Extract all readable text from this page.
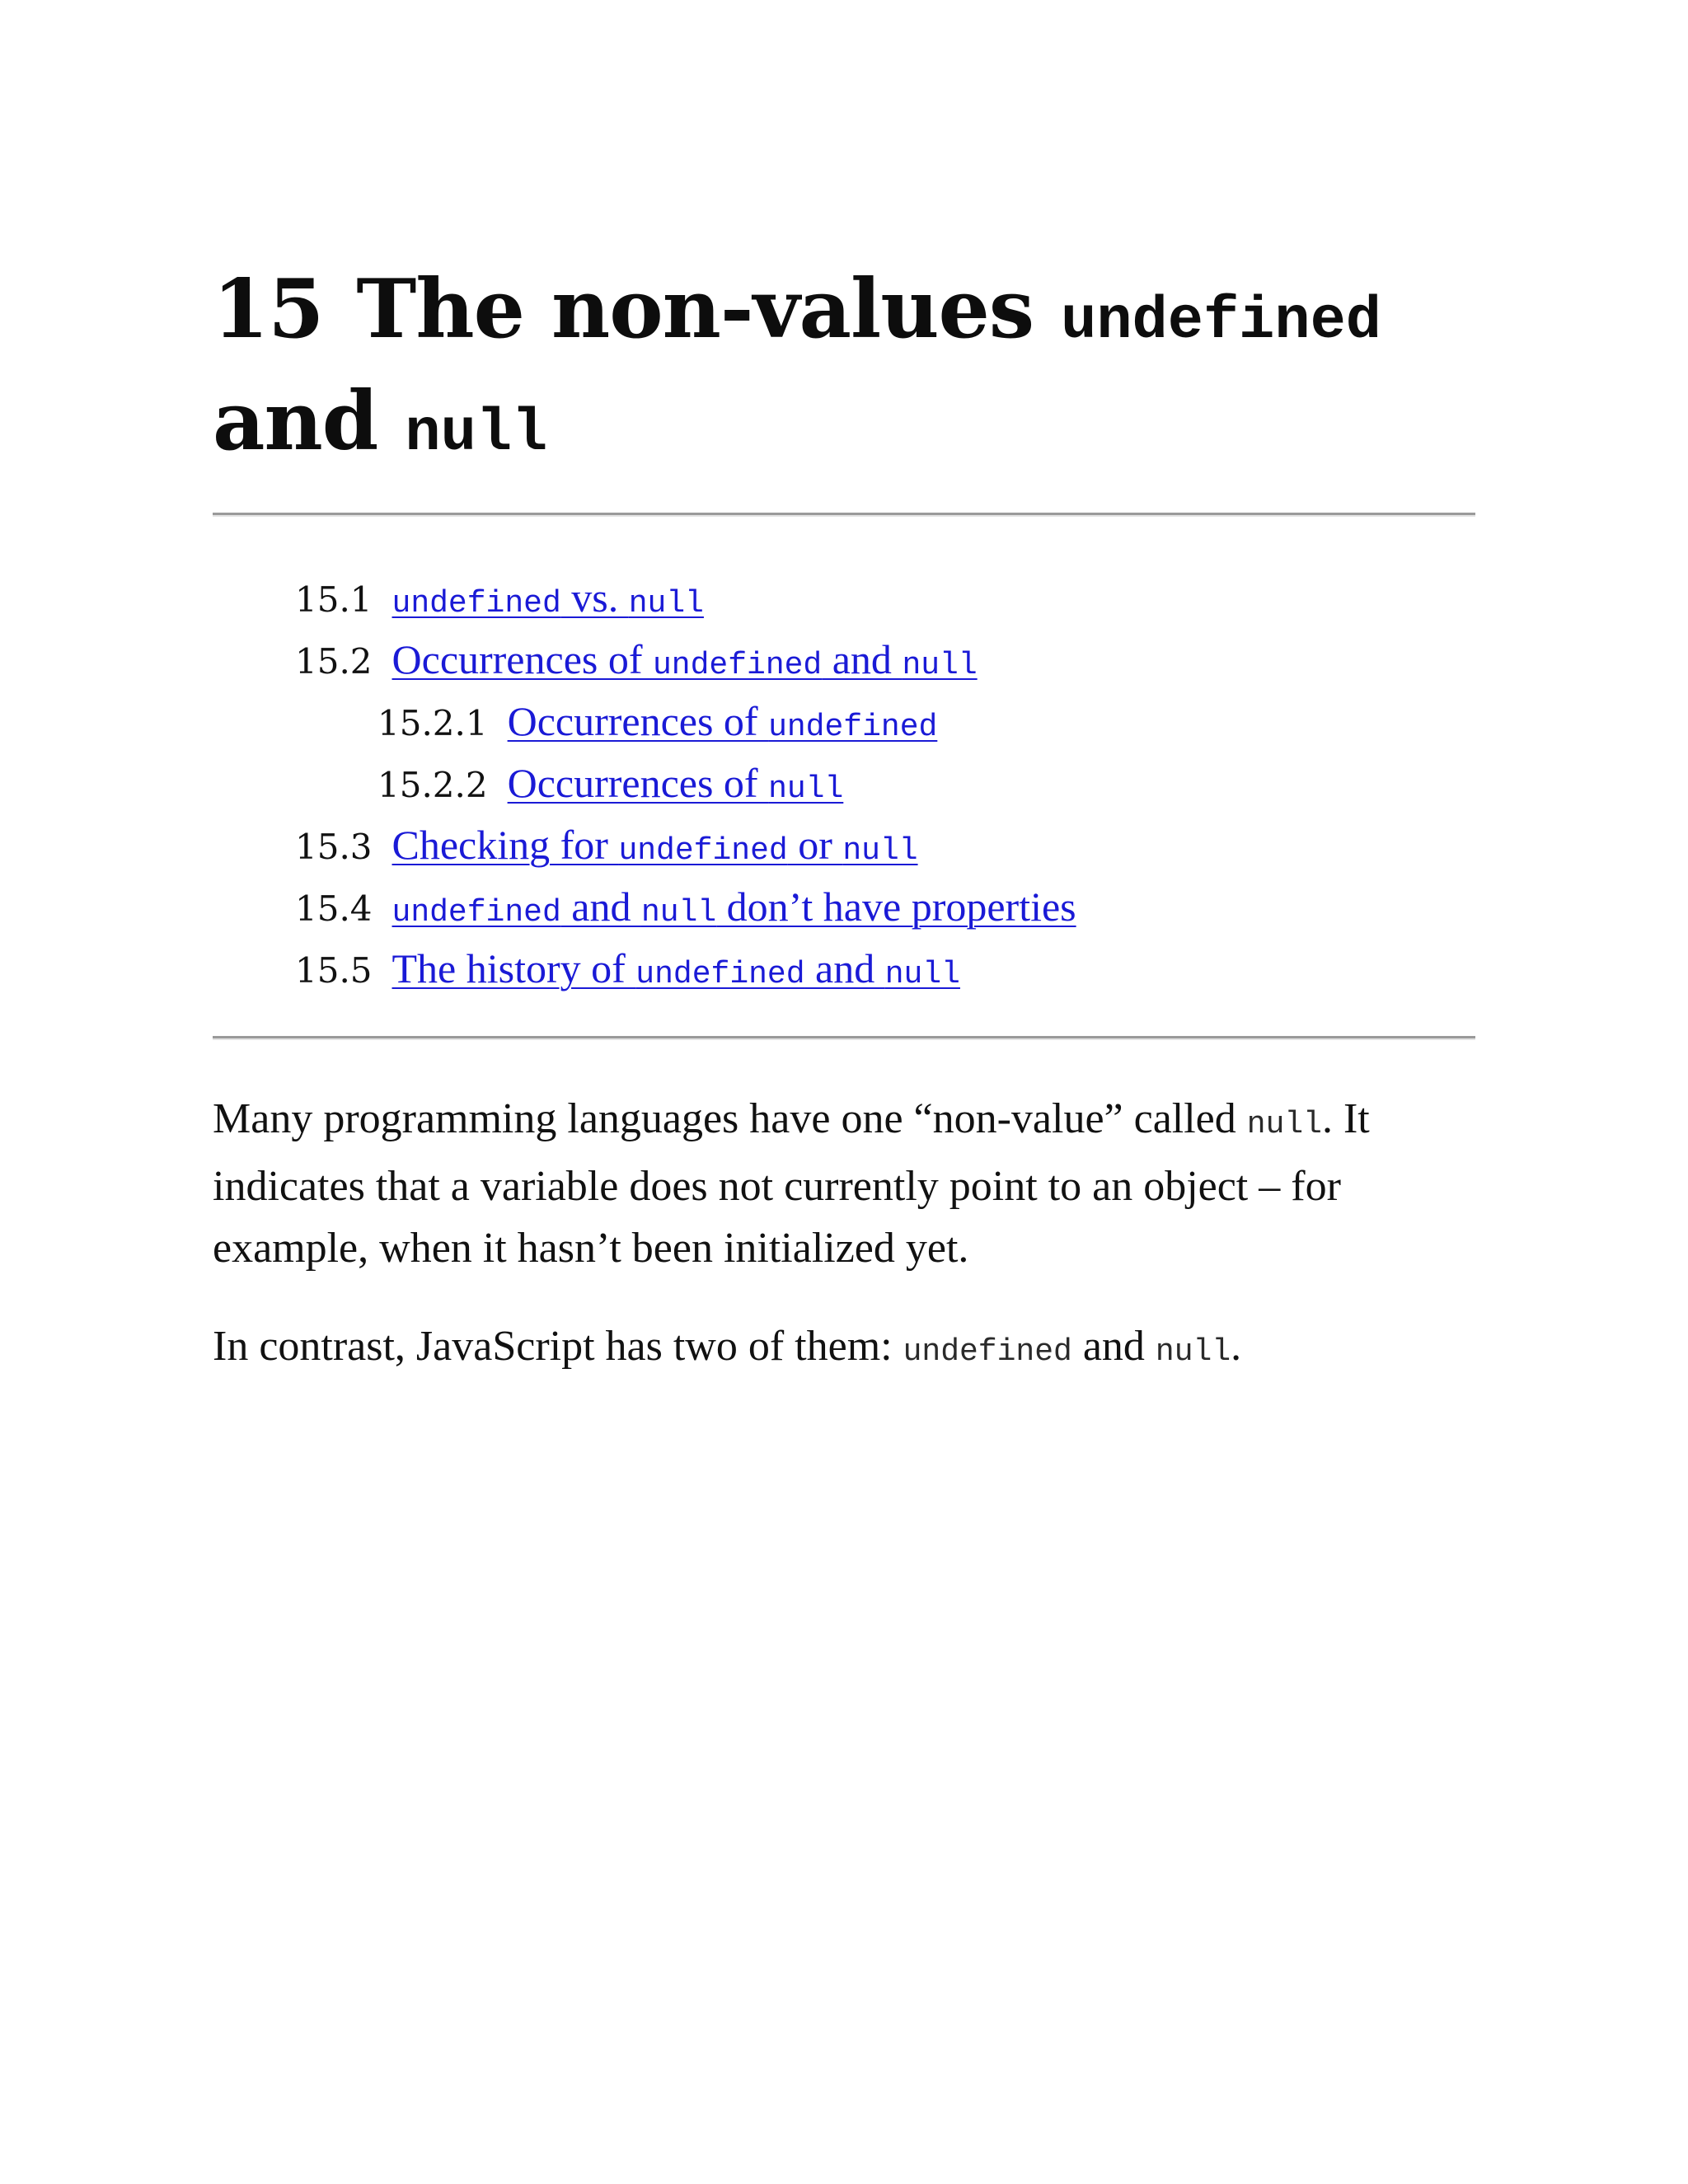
15 The non-values undefined
and null
15.1 undefined vs. null
15.2 Occurrences of undefined and null
15.2.1 Occurrences of undefined
15.2.2 Occurrences of null
15.3 Checking for undefined or null
15.4 undefined and null don’t have properties
15.5 The history of undefined and null

Many programming languages have one “non-value” called null. It indicates that a variable does not currently point to an object – for example, when it hasn’t been initialized yet.

In contrast, JavaScript has two of them: undefined and null.
